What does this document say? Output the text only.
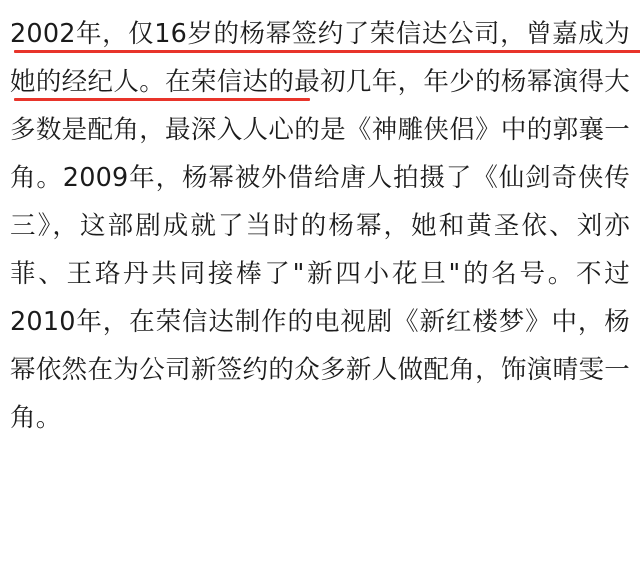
2002年，仅16岁的杨幂签约了荣信达公司，曾嘉成为她的经纪人。在荣信达的最初几年，年少的杨幂演得大多数是配角，最深入人心的是《神雕侠侣》中的郭襄一角。2009年，杨幂被外借给唐人拍摄了《仙剑奇侠传三》，这部剧成就了当时的杨幂，她和黄圣依、刘亦菲、王珞丹共同接棒了"新四小花旦"的名号。不过2010年，在荣信达制作的电视剧《新红楼梦》中，杨幂依然在为公司新签约的众多新人做配角，饰演晴雯一角。
